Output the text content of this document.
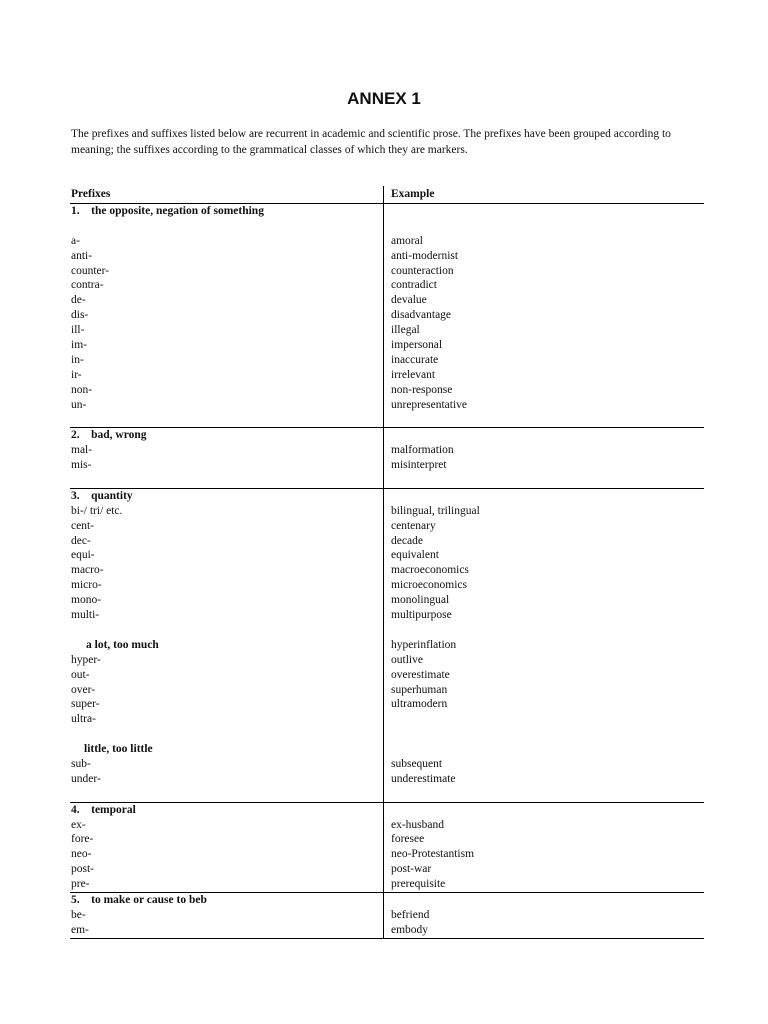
ANNEX 1
The prefixes and suffixes listed below are recurrent in academic and scientific prose. The prefixes have been grouped according to meaning; the suffixes according to the grammatical classes of which they are markers.
Prefixes	Example
1.    the opposite, negation of something
a-	amoral
anti-	anti-modernist
counter-	counteraction
contra-	contradict
de-	devalue
dis-	disadvantage
ill-	illegal
im-	impersonal
in-	inaccurate
ir-	irrelevant
non-	non-response
un-	unrepresentative
2.    bad, wrong
mal-	malformation
mis-	misinterpret
3.    quantity
bi-/ tri/ etc.	bilingual, trilingual
cent-	centenary
dec-	decade
equi-	equivalent
macro-	macroeconomics
micro-	microeconomics
mono-	monolingual
multi-	multipurpose
a lot, too much	hyperinflation
hyper-	outlive
out-	overestimate
over-	superhuman
super-	ultramodern
ultra-
little, too little
sub-	subsequent
under-	underestimate
4.    temporal
ex-	ex-husband
fore-	foresee
neo-	neo-Protestantism
post-	post-war
pre-	prerequisite
5.    to make or cause to beb
be-	befriend
em-	embody
